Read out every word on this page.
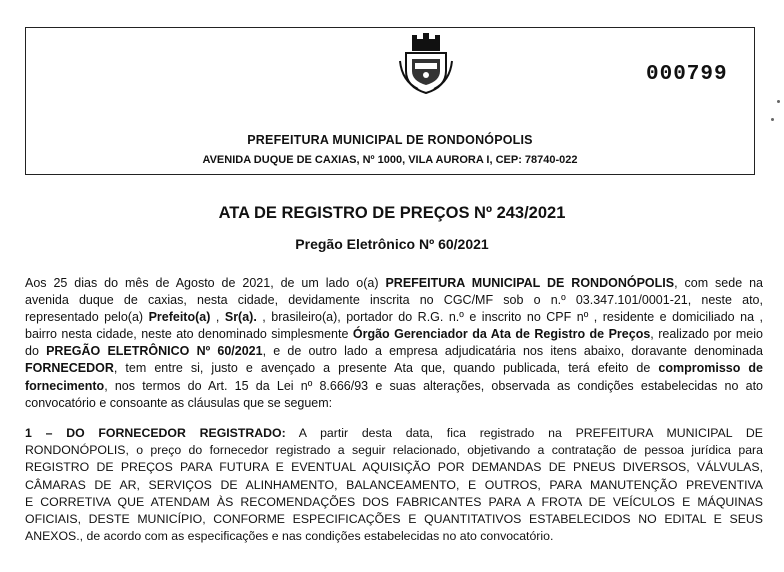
000799
PREFEITURA MUNICIPAL DE RONDONÓPOLIS
AVENIDA DUQUE DE CAXIAS, Nº 1000, VILA AURORA I, CEP: 78740-022
ATA DE REGISTRO DE PREÇOS Nº 243/2021
Pregão Eletrônico Nº 60/2021
Aos 25 dias do mês de Agosto de 2021, de um lado o(a) PREFEITURA MUNICIPAL DE RONDONÓPOLIS, com sede na
avenida duque de caxias, nesta cidade, devidamente inscrita no CGC/MF sob o n.º 03.347.101/0001-21, neste ato,
representado pelo(a) Prefeito(a) , Sr(a). , brasileiro(a), portador do R.G. n.º e inscrito no CPF nº , residente e domiciliado na ,
bairro nesta cidade, neste ato denominado simplesmente Órgão Gerenciador da Ata de Registro de Preços, realizado por meio
do PREGÃO ELETRÔNICO Nº 60/2021, e de outro lado a empresa adjudicatária nos itens abaixo, doravante denominada
FORNECEDOR, tem entre si, justo e avençado a presente Ata que, quando publicada, terá efeito de compromisso de
fornecimento, nos termos do Art. 15 da Lei nº 8.666/93 e suas alterações, observada as condições estabelecidas no ato
convocatório e consoante as cláusulas que se seguem:
1 – DO FORNECEDOR REGISTRADO: A partir desta data, fica registrado na PREFEITURA MUNICIPAL DE
RONDONÓPOLIS, o preço do fornecedor registrado a seguir relacionado, objetivando a contratação de pessoa jurídica para
REGISTRO DE PREÇOS PARA FUTURA E EVENTUAL AQUISIÇÃO POR DEMANDAS DE PNEUS DIVERSOS, VÁLVULAS,
CÂMARAS DE AR, SERVIÇOS DE ALINHAMENTO, BALANCEAMENTO, E OUTROS, PARA MANUTENÇÃO PREVENTIVA
E CORRETIVA QUE ATENDAM ÀS RECOMENDAÇÕES DOS FABRICANTES PARA A FROTA DE VEÍCULOS E MÁQUINAS
OFICIAIS, DESTE MUNICÍPIO, CONFORME ESPECIFICAÇÕES E QUANTITATIVOS ESTABELECIDOS NO EDITAL E SEUS
ANEXOS., de acordo com as especificações e nas condições estabelecidas no ato convocatório.
